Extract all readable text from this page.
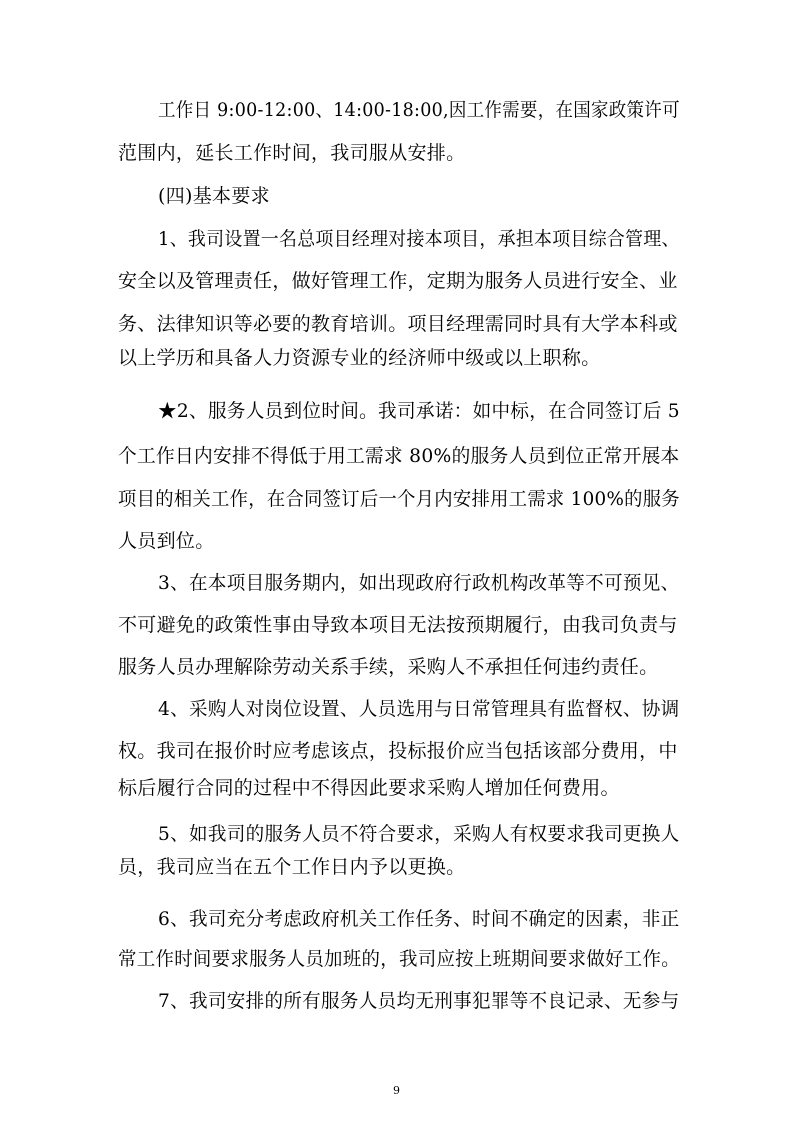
工作日 9:00-12:00、14:00-18:00,因工作需要，在国家政策许可
范围内，延长工作时间，我司服从安排。
(四)基本要求
1、我司设置一名总项目经理对接本项目，承担本项目综合管理、
安全以及管理责任，做好管理工作，定期为服务人员进行安全、业
务、法律知识等必要的教育培训。项目经理需同时具有大学本科或
以上学历和具备人力资源专业的经济师中级或以上职称。
★2、服务人员到位时间。我司承诺：如中标，在合同签订后 5
个工作日内安排不得低于用工需求 80%的服务人员到位正常开展本
项目的相关工作，在合同签订后一个月内安排用工需求 100%的服务
人员到位。
3、在本项目服务期内，如出现政府行政机构改革等不可预见、
不可避免的政策性事由导致本项目无法按预期履行，由我司负责与
服务人员办理解除劳动关系手续，采购人不承担任何违约责任。
4、采购人对岗位设置、人员选用与日常管理具有监督权、协调
权。我司在报价时应考虑该点，投标报价应当包括该部分费用，中
标后履行合同的过程中不得因此要求采购人增加任何费用。
5、如我司的服务人员不符合要求，采购人有权要求我司更换人
员，我司应当在五个工作日内予以更换。
6、我司充分考虑政府机关工作任务、时间不确定的因素，非正
常工作时间要求服务人员加班的，我司应按上班期间要求做好工作。
7、我司安排的所有服务人员均无刑事犯罪等不良记录、无参与
9
